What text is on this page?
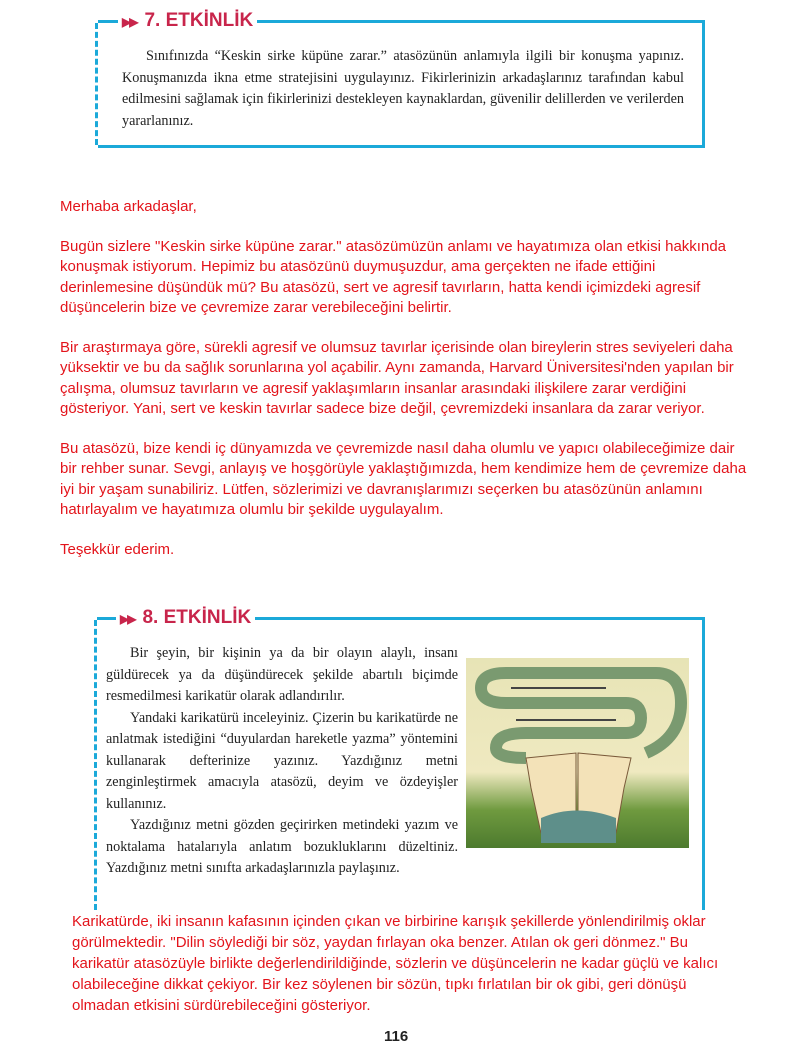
▶▶ 7. ETKİNLİK

Sınıfınızda “Keskin sirke küpüne zarar.” atasözünün anlamıyla ilgili bir konuşma yapınız. Konuşmanızda ikna etme stratejisini uygulayınız. Fikirlerinizin arkadaşlarınız tarafından kabul edilmesini sağlamak için fikirlerinizi destekleyen kaynaklardan, güvenilir delillerden ve verilerden yararlanınız.

Merhaba arkadaşlar,

Bugün sizlere "Keskin sirke küpüne zarar." atasözümüzün anlamı ve hayatımıza olan etkisi hakkında konuşmak istiyorum. Hepimiz bu atasözünü duymuşuzdur, ama gerçekten ne ifade ettiğini derinlemesine düşündük mü? Bu atasözü, sert ve agresif tavırların, hatta kendi içimizdeki agresif düşüncelerin bize ve çevremize zarar verebileceğini belirtir.

Bir araştırmaya göre, sürekli agresif ve olumsuz tavırlar içerisinde olan bireylerin stres seviyeleri daha yüksektir ve bu da sağlık sorunlarına yol açabilir. Aynı zamanda, Harvard Üniversitesi'nden yapılan bir çalışma, olumsuz tavırların ve agresif yaklaşımların insanlar arasındaki ilişkilere zarar verdiğini gösteriyor. Yani, sert ve keskin tavırlar sadece bize değil, çevremizdeki insanlara da zarar veriyor.

Bu atasözü, bize kendi iç dünyamızda ve çevremizde nasıl daha olumlu ve yapıcı olabileceğimize dair bir rehber sunar. Sevgi, anlayış ve hoşgörüyle yaklaştığımızda, hem kendimize hem de çevremize daha iyi bir yaşam sunabiliriz. Lütfen, sözlerimizi ve davranışlarımızı seçerken bu atasözünün anlamını hatırlayalım ve hayatımıza olumlu bir şekilde uygulayalım.

Teşekkür ederim.

▶▶ 8. ETKİNLİK

Bir şeyin, bir kişinin ya da bir olayın alaylı, insanı güldürecek ya da düşündürecek şekilde abartılı biçimde resmedilmesi karikatür olarak adlandırılır.

Yandaki karikatürü inceleyiniz. Çizerin bu karikatürde ne anlatmak istediğini “duyulardan hareketle yazma” yöntemini kullanarak defterinize yazınız. Yazdığınız metni zenginleştirmek amacıyla atasözü, deyim ve özdeyişler kullanınız.

Yazdığınız metni gözden geçirirken metindeki yazım ve noktalama hatalarıyla anlatım bozukluklarını düzeltiniz. Yazdığınız metni sınıfta arkadaşlarınızla paylaşınız.

Karikatürde, iki insanın kafasının içinden çıkan ve birbirine karışık şekillerde yönlendirilmiş oklar görülmektedir. "Dilin söylediği bir söz, yaydan fırlayan oka benzer. Atılan ok geri dönmez." Bu karikatür atasözüyle birlikte değerlendirildiğinde, sözlerin ve düşüncelerin ne kadar güçlü ve kalıcı olabileceğine dikkat çekiyor. Bir kez söylenen bir sözün, tıpkı fırlatılan bir ok gibi, geri dönüşü olmadan etkisini sürdürebileceğini gösteriyor.
116
